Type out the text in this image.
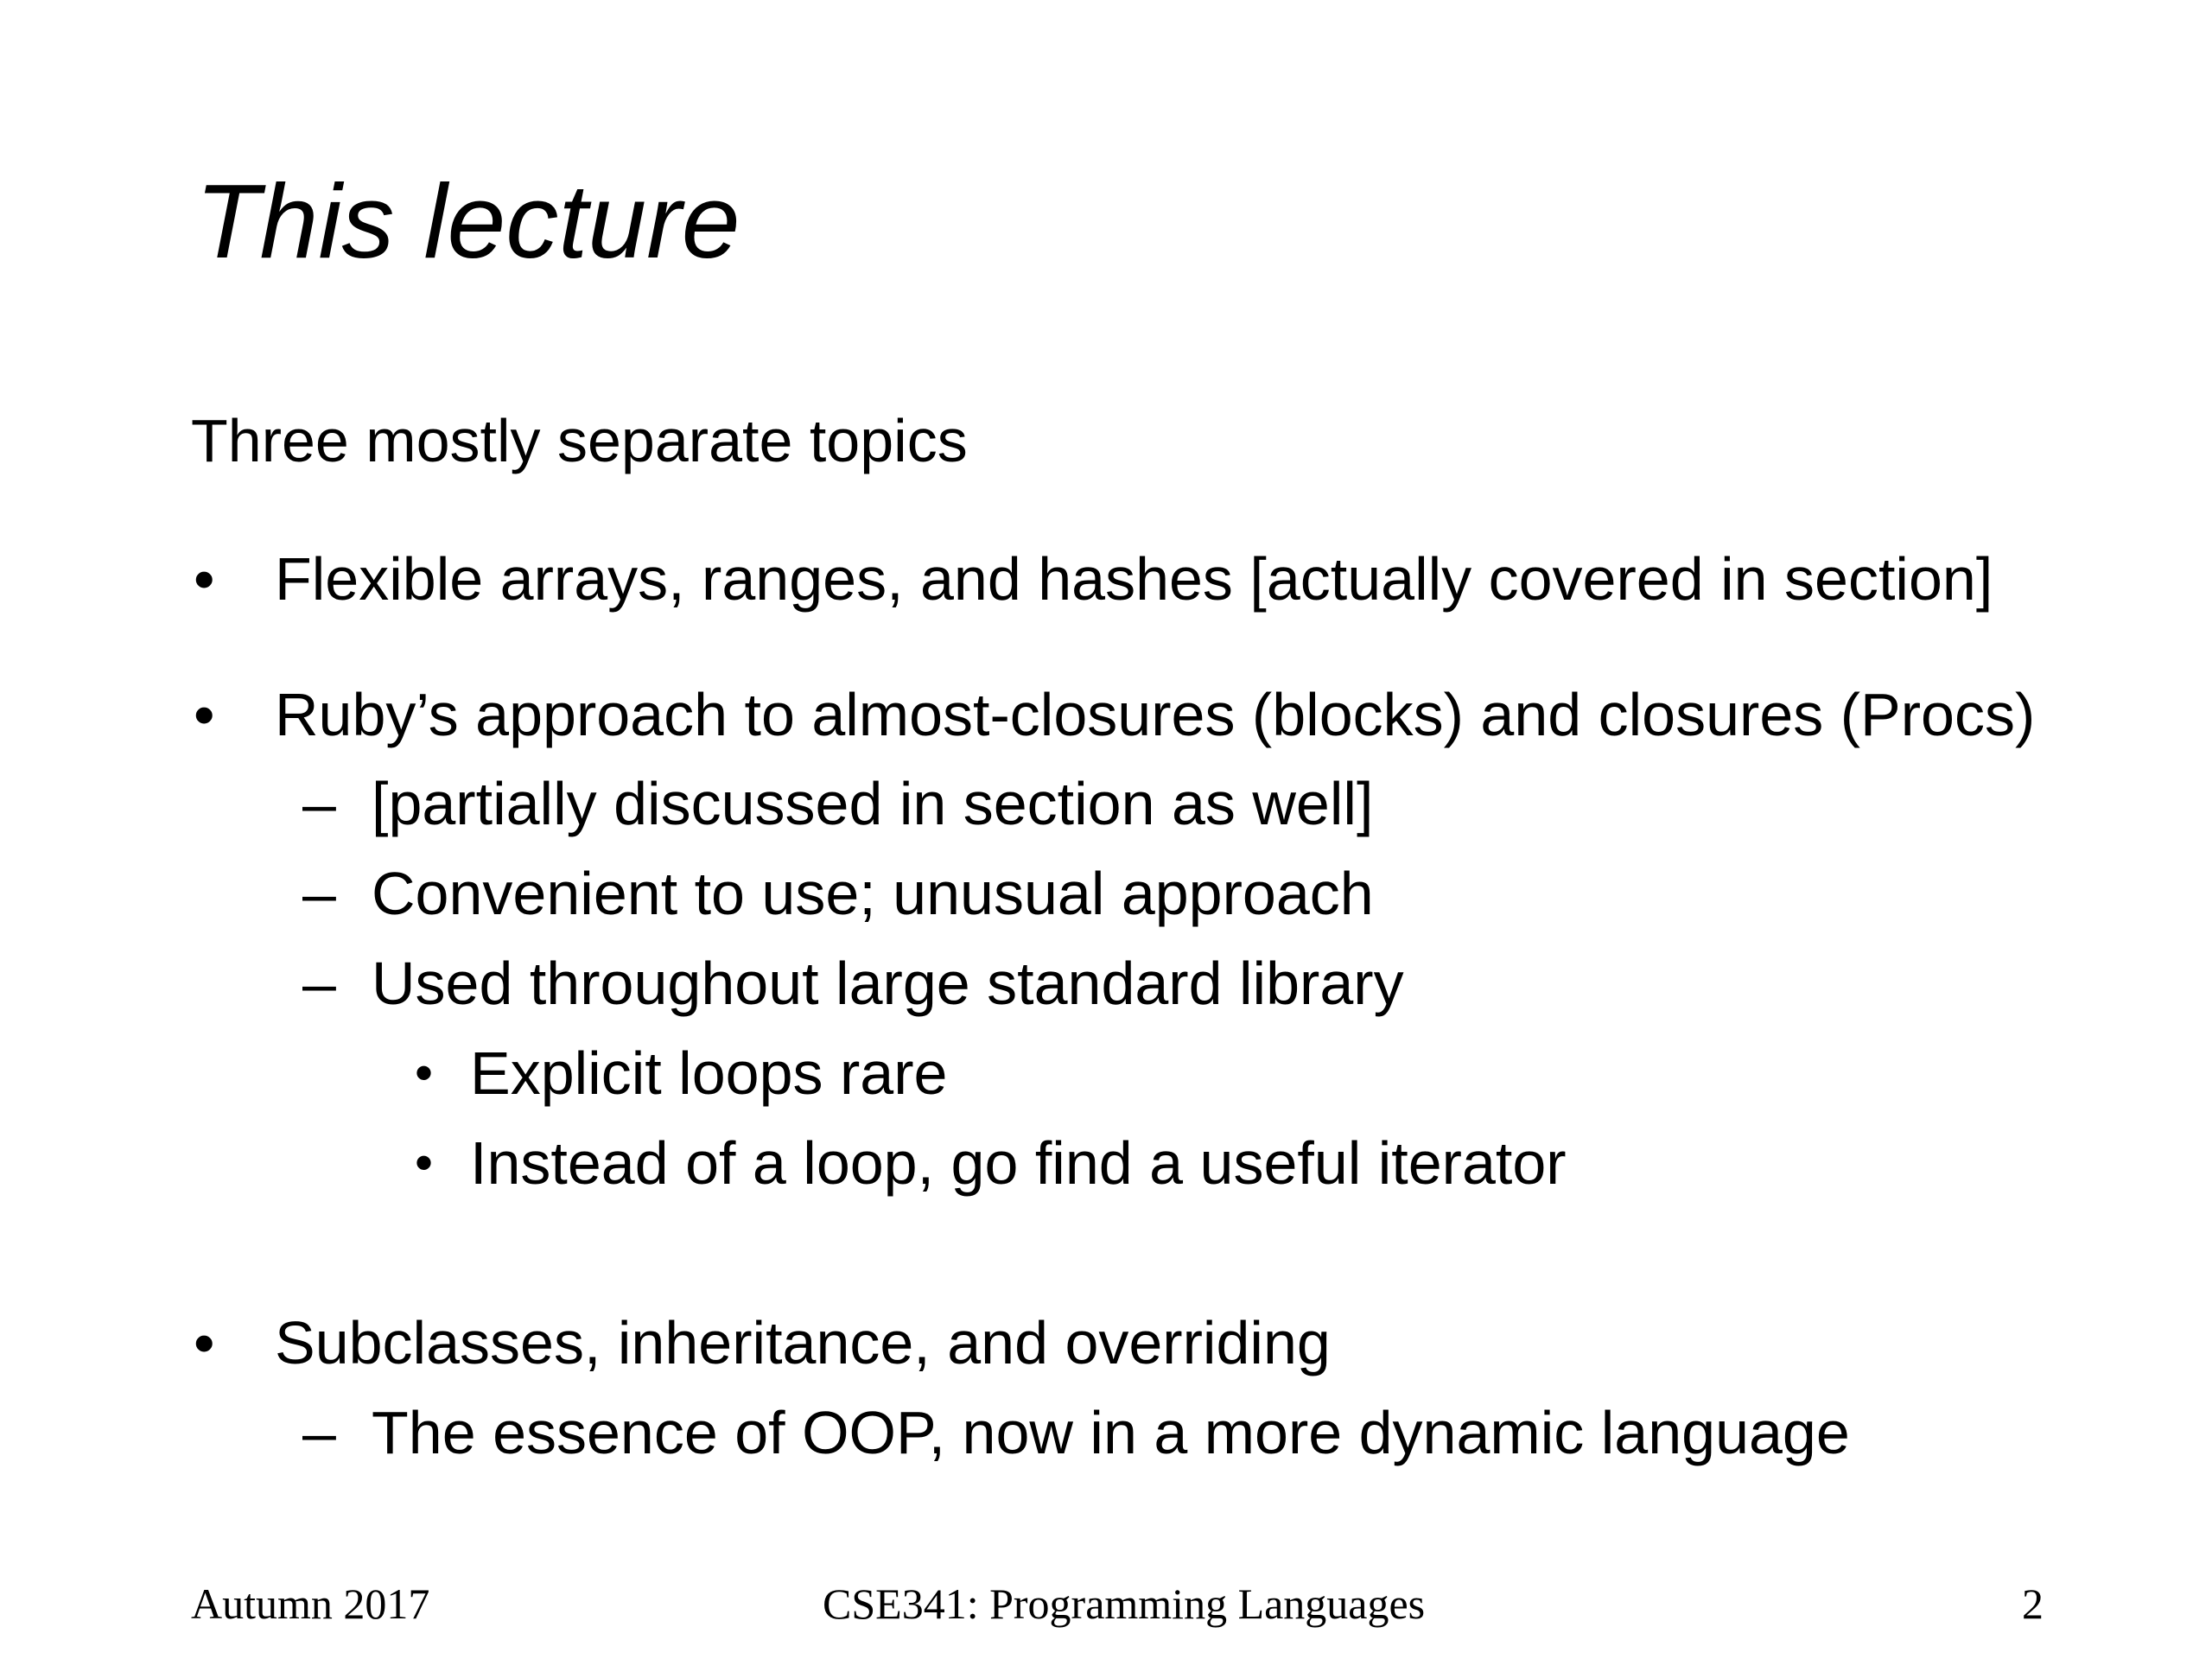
This lecture

Three mostly separate topics

• Flexible arrays, ranges, and hashes [actually covered in section]
• Ruby’s approach to almost-closures (blocks) and closures (Procs)
– [partially discussed in section as well]
– Convenient to use; unusual approach
– Used throughout large standard library
• Explicit loops rare
• Instead of a loop, go find a useful iterator
• Subclasses, inheritance, and overriding
– The essence of OOP, now in a more dynamic language
Autumn 2017	CSE341: Programming Languages	2
